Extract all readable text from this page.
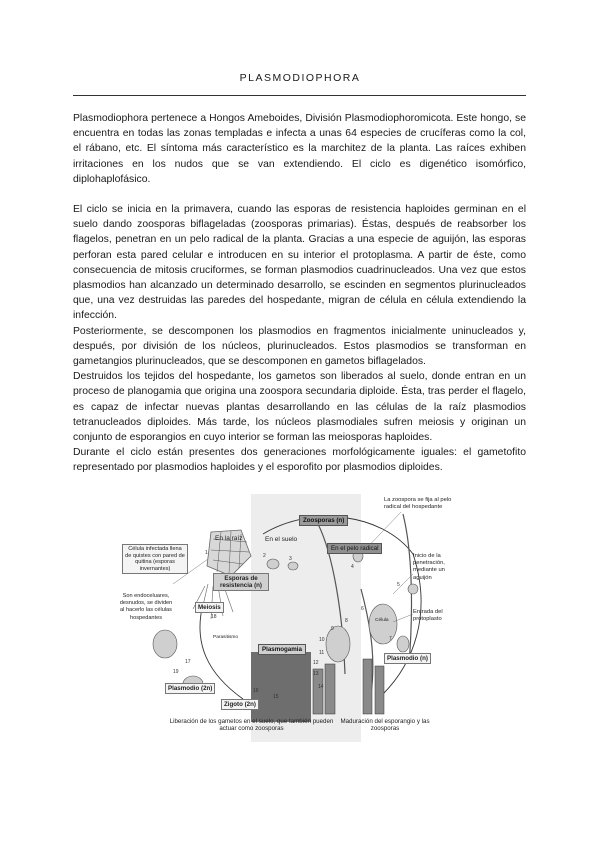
PLASMODIOPHORA

Plasmodiophora pertenece a Hongos Ameboides, División Plasmodiophoromicota. Este hongo, se encuentra en todas las zonas templadas e infecta a unas 64 especies de crucíferas como la col, el rábano, etc. El síntoma más característico es la marchitez de la planta. Las raíces exhiben irritaciones en los nudos que se van extendiendo. El ciclo es digenético isomórfico, diplohaplofásico.

El ciclo se inicia en la primavera, cuando las esporas de resistencia haploides germinan en el suelo dando zoosporas biflageladas (zoosporas primarias). Éstas, después de reabsorber los flagelos, penetran en un pelo radical de la planta. Gracias a una especie de aguijón, las esporas perforan esta pared celular e introducen en su interior el protoplasma. A partir de éste, como consecuencia de mitosis cruciformes, se forman plasmodios cuadrinucleados. Una vez que estos plasmodios han alcanzado un determinado desarrollo, se escinden en segmentos plurinucleados que, una vez destruidas las paredes del hospedante, migran de célula en célula extendiendo la infección.

Posteriormente, se descomponen los plasmodios en fragmentos inicialmente uninucleados y, después, por división de los núcleos, plurinucleados. Estos plasmodios se transforman en gametangios plurinucleados, que se descomponen en gametos biflagelados.

Destruidos los tejidos del hospedante, los gametos son liberados al suelo, donde entran en un proceso de planogamia que origina una zoospora secundaria diploide. Ésta, tras perder el flagelo, es capaz de infectar nuevas plantas desarrollando en las células de la raíz plasmodios tetranucleados diploides. Más tarde, los núcleos plasmodiales sufren meiosis y originan un conjunto de esporangios en cuyo interior se forman las meiosporas haploides.

Durante el ciclo están presentes dos generaciones morfológicamente iguales: el gametofito representado por plasmodios haploides y el esporofito por plasmodios diploides.

Zoosporas (n)
En la raíz	En el suelo
En el pelo radical
Célula infectada llena de quistes con pared de quitina (esporas invernantes)
Esporas de resistencia (n)
Meiosis
Son endoceluares, desnudos, se dividen al hacerlo las células hospedantes
Parasitismo
Célula
Plasmodio (2n)
Plasmogamia
Zigoto (2n)
Plasmodio (n)
La zoospora se fija al pelo radical del hospedante
Inicio de la penetración, mediante un aguijón
Entrada del protoplasto
Liberación de los gametos en el suelo, que también pueden actuar como zoosporas
Maduración del esporangio y las zoosporas
1	2	3
4
5
6
7
8
9
10
11
12
13
14
15
16
17
18
19
